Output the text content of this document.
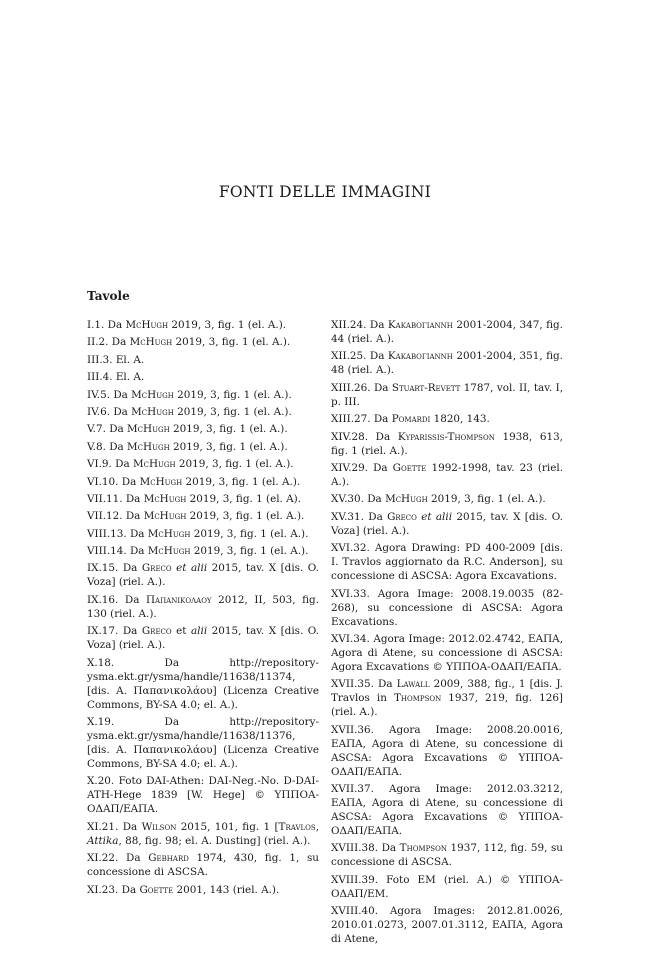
FONTI DELLE IMMAGINI
Tavole
I.1. Da McHugh 2019, 3, fig. 1 (el. A.).
II.2. Da McHugh 2019, 3, fig. 1 (el. A.).
III.3. El. A.
III.4. El. A.
IV.5. Da McHugh 2019, 3, fig. 1 (el. A.).
IV.6. Da McHugh 2019, 3, fig. 1 (el. A.).
V.7. Da McHugh 2019, 3, fig. 1 (el. A.).
V.8. Da McHugh 2019, 3, fig. 1 (el. A.).
VI.9. Da McHugh 2019, 3, fig. 1 (el. A.).
VI.10. Da McHugh 2019, 3, fig. 1 (el. A.).
VII.11. Da McHugh 2019, 3, fig. 1 (el. A).
VII.12. Da McHugh 2019, 3, fig. 1 (el. A.).
VIII.13. Da McHugh 2019, 3, fig. 1 (el. A.).
VIII.14. Da McHugh 2019, 3, fig. 1 (el. A.).
IX.15. Da Greco et alii 2015, tav. X [dis. O. Voza] (riel. A.).
IX.16. Da Παπανικολαου 2012, II, 503, fig. 130 (riel. A.).
IX.17. Da Greco et alii 2015, tav. X [dis. O. Voza] (riel. A.).
X.18. Da http://repository-ysma.ekt.gr/ysma/handle/11638/11374, [dis. A. Παπανικολάου] (Licenza Creative Commons, BY-SA 4.0; el. A.).
X.19. Da http://repository-ysma.ekt.gr/ysma/handle/11638/11376, [dis. A. Παπανικολάου] (Licenza Creative Commons, BY-SA 4.0; el. A.).
X.20. Foto DAI-Athen: DAI-Neg.-No. D-DAI-ATH-Hege 1839 [W. Hege] © ΥΠΠΟΑ-ΟΔΑΠ/ΕΑΠΑ.
XI.21. Da Wilson 2015, 101, fig. 1 [Travlos, Attika, 88, fig. 98; el. A. Dusting] (riel. A.).
XI.22. Da Gebhard 1974, 430, fig. 1, su concessione di ASCSA.
XI.23. Da Goette 2001, 143 (riel. A.).
XII.24. Da Κακαβογιαννη 2001-2004, 347, fig. 44 (riel. A.).
XII.25. Da Κακαβογιαννη 2001-2004, 351, fig. 48 (riel. A.).
XIII.26. Da Stuart-Revett 1787, vol. II, tav. I, p. III.
XIII.27. Da Pomardi 1820, 143.
XIV.28. Da Kyparissis-Thompson 1938, 613, fig. 1 (riel. A.).
XIV.29. Da Goette 1992-1998, tav. 23 (riel. A.).
XV.30. Da McHugh 2019, 3, fig. 1 (el. A.).
XV.31. Da Greco et alii 2015, tav. X [dis. O. Voza] (riel. A.).
XVI.32. Agora Drawing: PD 400-2009 [dis. I. Travlos aggiornato da R.C. Anderson], su concessione di ASCSA: Agora Excavations.
XVI.33. Agora Image: 2008.19.0035 (82-268), su concessione di ASCSA: Agora Excavations.
XVI.34. Agora Image: 2012.02.4742, ΕΑΠΑ, Agora di Atene, su concessione di ASCSA: Agora Excavations © ΥΠΠΟΑ-ΟΔΑΠ/ΕΑΠΑ.
XVII.35. Da Lawall 2009, 388, fig., 1 [dis. J. Travlos in Thompson 1937, 219, fig. 126] (riel. A.).
XVII.36. Agora Image: 2008.20.0016, ΕΑΠΑ, Agora di Atene, su concessione di ASCSA: Agora Excavations © ΥΠΠΟΑ-ΟΔΑΠ/ΕΑΠΑ.
XVII.37. Agora Image: 2012.03.3212, ΕΑΠΑ, Agora di Atene, su concessione di ASCSA: Agora Excavations © ΥΠΠΟΑ-ΟΔΑΠ/ΕΑΠΑ.
XVIII.38. Da Thompson 1937, 112, fig. 59, su concessione di ASCSA.
XVIII.39. Foto EM (riel. A.) © ΥΠΠΟΑ-ΟΔΑΠ/ΕΜ.
XVIII.40. Agora Images: 2012.81.0026, 2010.01.0273, 2007.01.3112, ΕΑΠΑ, Agora di Atene,
